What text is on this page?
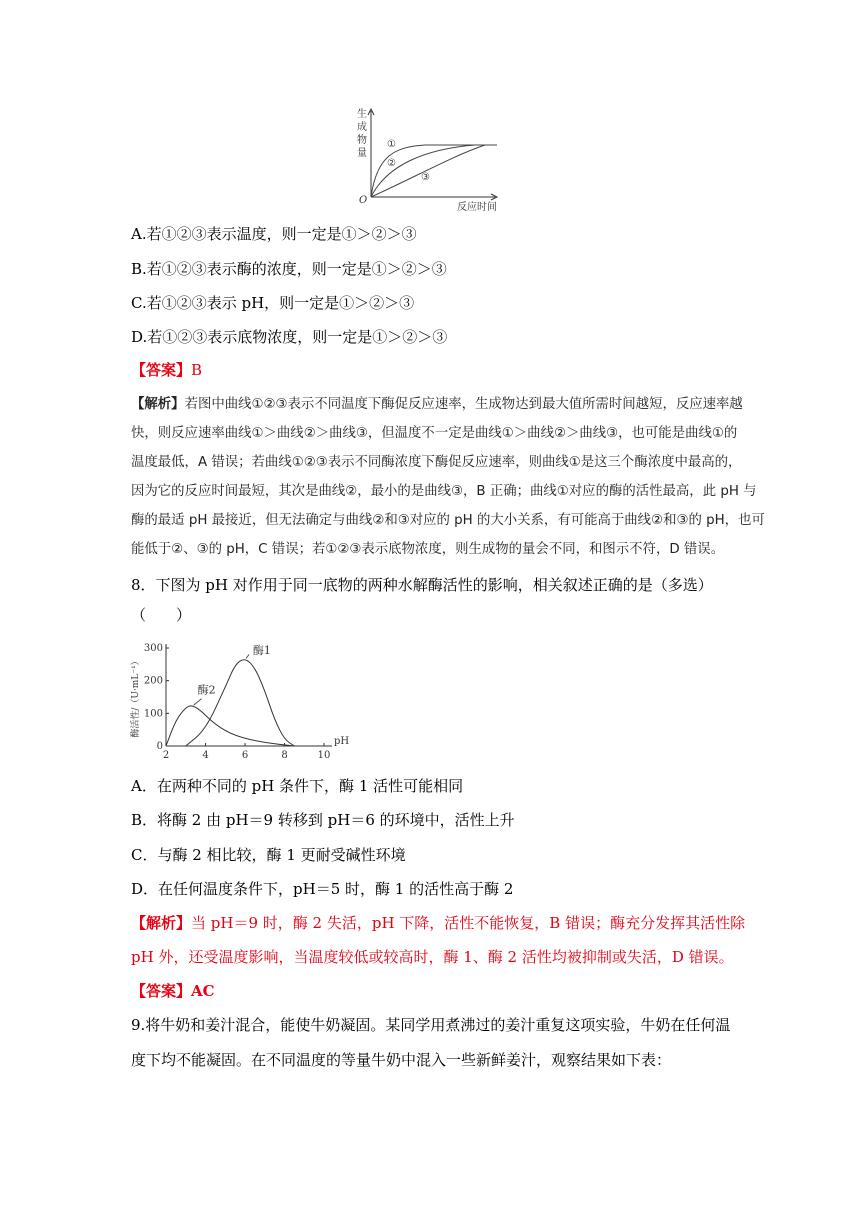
生
成
物
量
O
反应时间
①
②
③
A.若①②③表示温度，则一定是①＞②＞③
B.若①②③表示酶的浓度，则一定是①＞②＞③
C.若①②③表示 pH，则一定是①＞②＞③
D.若①②③表示底物浓度，则一定是①＞②＞③
【答案】B
【解析】若图中曲线①②③表示不同温度下酶促反应速率，生成物达到最大值所需时间越短，反应速率越
快，则反应速率曲线①＞曲线②＞曲线③，但温度不一定是曲线①＞曲线②＞曲线③，也可能是曲线①的
温度最低，A 错误；若曲线①②③表示不同酶浓度下酶促反应速率，则曲线①是这三个酶浓度中最高的，
因为它的反应时间最短，其次是曲线②，最小的是曲线③，B 正确；曲线①对应的酶的活性最高，此 pH 与
酶的最适 pH 最接近，但无法确定与曲线②和③对应的 pH 的大小关系，有可能高于曲线②和③的 pH，也可
能低于②、③的 pH，C 错误；若①②③表示底物浓度，则生成物的量会不同，和图示不符，D 错误。
8．下图为 pH 对作用于同一底物的两种水解酶活性的影响，相关叙述正确的是（多选）
（　　）
2	4	6	8	10
0
100
200
300
pH
酶活性/（U·mL⁻¹）
酶1
酶2
A．在两种不同的 pH 条件下，酶 1 活性可能相同
B．将酶 2 由 pH＝9 转移到 pH＝6 的环境中，活性上升
C．与酶 2 相比较，酶 1 更耐受碱性环境
D．在任何温度条件下，pH＝5 时，酶 1 的活性高于酶 2
【解析】当 pH＝9 时，酶 2 失活，pH 下降，活性不能恢复，B 错误；酶充分发挥其活性除
pH 外，还受温度影响，当温度较低或较高时，酶 1、酶 2 活性均被抑制或失活，D 错误。
【答案】AC
9.将牛奶和姜汁混合，能使牛奶凝固。某同学用煮沸过的姜汁重复这项实验，牛奶在任何温
度下均不能凝固。在不同温度的等量牛奶中混入一些新鲜姜汁，观察结果如下表：
